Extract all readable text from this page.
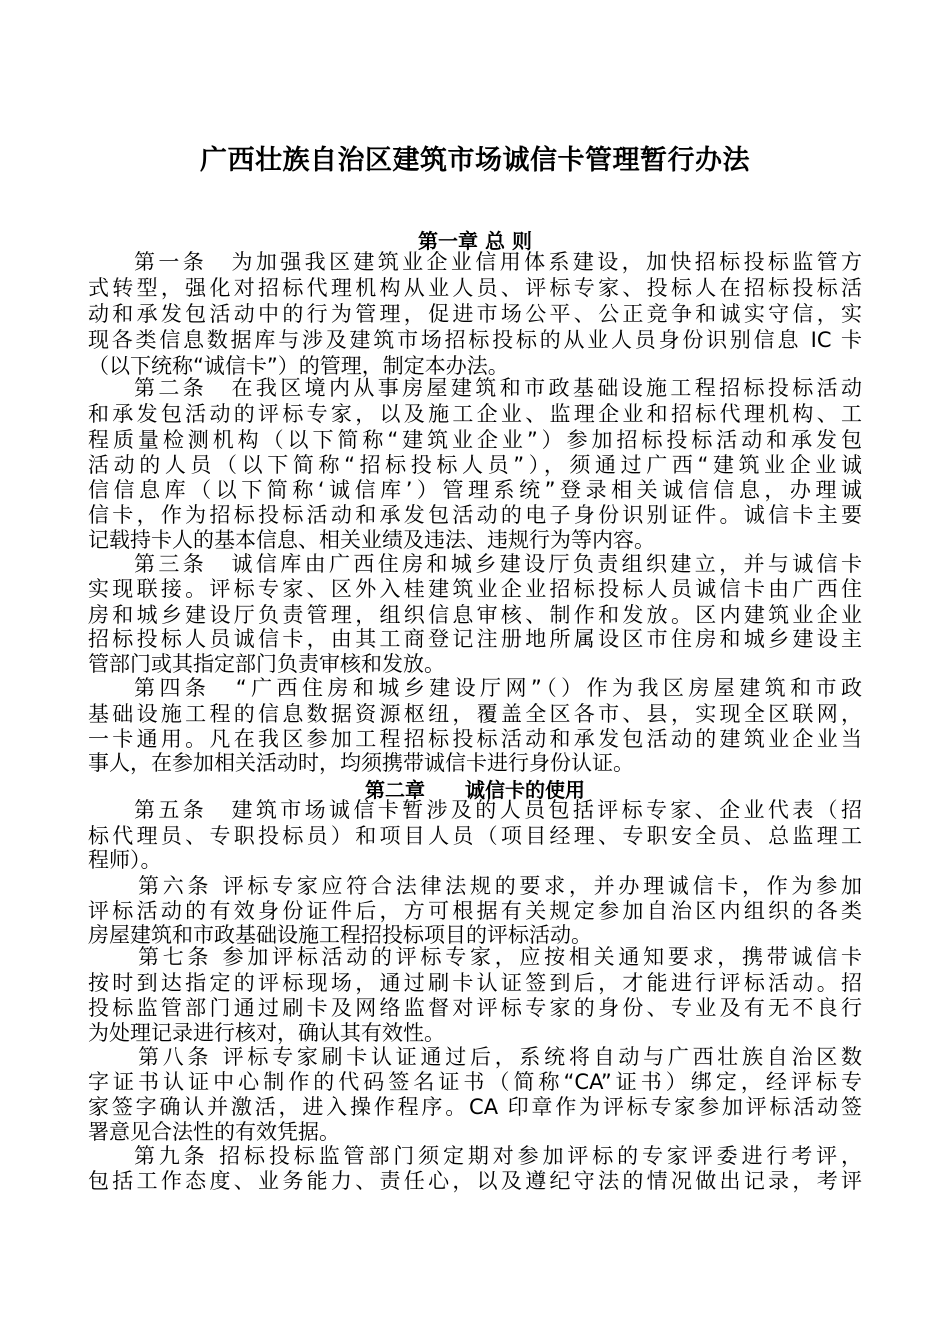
广西壮族自治区建筑市场诚信卡管理暂行办法
第一章 总 则
第一条　为加强我区建筑业企业信用体系建设，加快招标投标监管方
式转型，强化对招标代理机构从业人员、评标专家、投标人在招标投标活
动和承发包活动中的行为管理，促进市场公平、公正竞争和诚实守信，实
现各类信息数据库与涉及建筑市场招标投标的从业人员身份识别信息 IC 卡
（以下统称“诚信卡”）的管理，制定本办法。
第二条　在我区境内从事房屋建筑和市政基础设施工程招标投标活动
和承发包活动的评标专家，以及施工企业、监理企业和招标代理机构、工
程质量检测机构（以下简称“建筑业企业”）参加招标投标活动和承发包
活动的人员（以下简称“招标投标人员”），须通过广西“建筑业企业诚
信信息库（以下简称‘诚信库’）管理系统”登录相关诚信信息，办理诚
信卡，作为招标投标活动和承发包活动的电子身份识别证件。诚信卡主要
记载持卡人的基本信息、相关业绩及违法、违规行为等内容。
第三条　诚信库由广西住房和城乡建设厅负责组织建立，并与诚信卡
实现联接。评标专家、区外入桂建筑业企业招标投标人员诚信卡由广西住
房和城乡建设厅负责管理，组织信息审核、制作和发放。区内建筑业企业
招标投标人员诚信卡，由其工商登记注册地所属设区市住房和城乡建设主
管部门或其指定部门负责审核和发放。
第四条　“广西住房和城乡建设厅网”（）作为我区房屋建筑和市政
基础设施工程的信息数据资源枢纽，覆盖全区各市、县，实现全区联网，
一卡通用。凡在我区参加工程招标投标活动和承发包活动的建筑业企业当
事人，在参加相关活动时，均须携带诚信卡进行身份认证。
第二章　　诚信卡的使用
第五条　建筑市场诚信卡暂涉及的人员包括评标专家、企业代表（招
标代理员、专职投标员）和项目人员（项目经理、专职安全员、总监理工
程师）。
第六条 评标专家应符合法律法规的要求，并办理诚信卡，作为参加
评标活动的有效身份证件后，方可根据有关规定参加自治区内组织的各类
房屋建筑和市政基础设施工程招投标项目的评标活动。
第七条 参加评标活动的评标专家，应按相关通知要求，携带诚信卡
按时到达指定的评标现场，通过刷卡认证签到后，才能进行评标活动。招
投标监管部门通过刷卡及网络监督对评标专家的身份、专业及有无不良行
为处理记录进行核对，确认其有效性。
第八条 评标专家刷卡认证通过后，系统将自动与广西壮族自治区数
字证书认证中心制作的代码签名证书（简称“CA”证书）绑定，经评标专
家签字确认并激活，进入操作程序。CA 印章作为评标专家参加评标活动签
署意见合法性的有效凭据。
第九条 招标投标监管部门须定期对参加评标的专家评委进行考评，
包括工作态度、业务能力、责任心，以及遵纪守法的情况做出记录，考评
